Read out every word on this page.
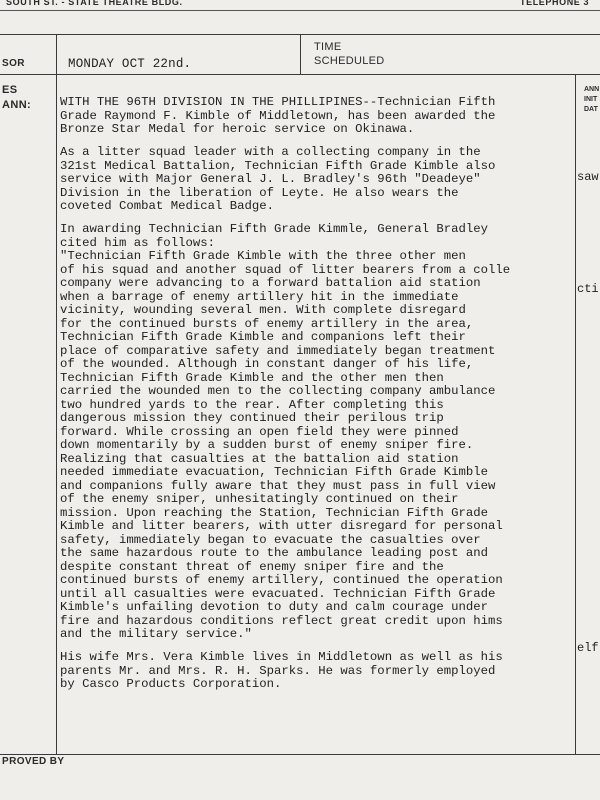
SOUTH ST. - STATE THEATRE BLDG.	TELEPHONE 3
SOR	MONDAY OCT 22nd.
TIME
SCHEDULED
ES
ANN:
ANN
INIT
DAT

WITH THE 96TH DIVISION IN THE PHILLIPINES--Technician Fifth
Grade Raymond F. Kimble of Middletown, has been awarded the
Bronze Star Medal for heroic service on Okinawa.

As a litter squad leader with a collecting company in the
321st Medical Battalion, Technician Fifth Grade Kimble also
service with Major General J. L. Bradley's 96th "Deadeye"
Division in the liberation of Leyte. He also wears the
coveted Combat Medical Badge.

In awarding Technician Fifth Grade Kimmle, General Bradley
cited him as follows:

"Technician Fifth Grade Kimble with the three other men
of his squad and another squad of litter bearers from a colle
company were advancing to a forward battalion aid station
when a barrage of enemy artillery hit in the immediate
vicinity, wounding several men. With complete disregard
for the continued bursts of enemy artillery in the area,
Technician Fifth Grade Kimble and companions left their
place of comparative safety and immediately began treatment
of the wounded. Although in constant danger of his life,
Technician Fifth Grade Kimble and the other men then
carried the wounded men to the collecting company ambulance
two hundred yards to the rear. After completing this
dangerous mission they continued their perilous trip
forward. While crossing an open field they were pinned
down momentarily by a sudden burst of enemy sniper fire.
Realizing that casualties at the battalion aid station
needed immediate evacuation, Technician Fifth Grade Kimble
and companions fully aware that they must pass in full view
of the enemy sniper, unhesitatingly continued on their
mission. Upon reaching the Station, Technician Fifth Grade
Kimble and litter bearers, with utter disregard for personal
safety, immediately began to evacuate the casualties over
the same hazardous route to the ambulance leading post and
despite constant threat of enemy sniper fire and the
continued bursts of enemy artillery, continued the operation
until all casualties were evacuated. Technician Fifth Grade
Kimble's unfailing devotion to duty and calm courage under
fire and hazardous conditions reflect great credit upon hims
and the military service."

His wife Mrs. Vera Kimble lives in Middletown as well as his
parents Mr. and Mrs. R. H. Sparks. He was formerly employed
by Casco Products Corporation.

saw
cti
elf
PROVED BY
